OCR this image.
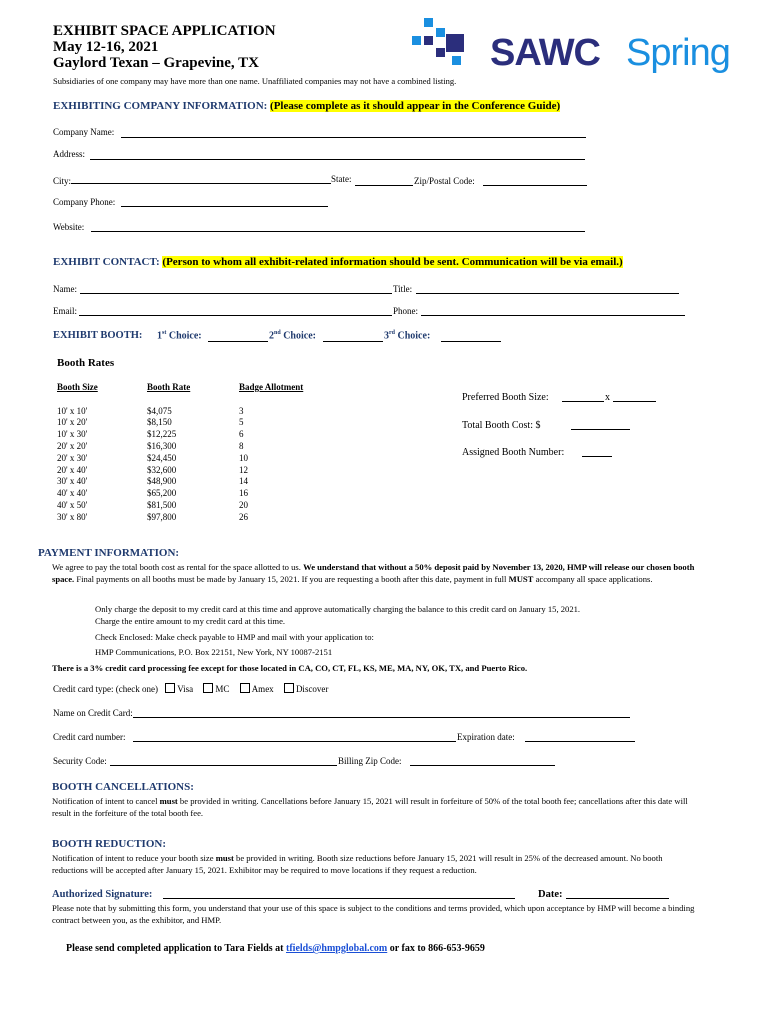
EXHIBIT SPACE APPLICATION
May 12-16, 2021
Gaylord Texan – Grapevine, TX	SAWC Spring
Subsidiaries of one company may have more than one name. Unaffiliated companies may not have a combined listing.
EXHIBITING COMPANY INFORMATION: (Please complete as it should appear in the Conference Guide)
Company Name:
Address:
City:	State:	Zip/Postal Code:
Company Phone:
Website:
EXHIBIT CONTACT: (Person to whom all exhibit-related information should be sent. Communication will be via email.)
Name:	Title:
Email:	Phone:
EXHIBIT BOOTH: 1st Choice:	2nd Choice:	3rd Choice:
Booth Rates
Booth Size	Booth Rate	Badge Allotment

10' x 10'	$4,075	3
10' x 20'	$8,150	5
10' x 30'	$12,225	6
20' x 20'	$16,300	8
20' x 30'	$24,450	10
20' x 40'	$32,600	12
30' x 40'	$48,900	14
40' x 40'	$65,200	16
40' x 50'	$81,500	20
30' x 80'	$97,800	26
Preferred Booth Size:	x
Total Booth Cost: $
Assigned Booth Number:
PAYMENT INFORMATION:
We agree to pay the total booth cost as rental for the space allotted to us. We understand that without a 50% deposit paid by November 13, 2020, HMP will release our chosen booth space. Final payments on all booths must be made by January 15, 2021. If you are requesting a booth after this date, payment in full MUST accompany all space applications.
Only charge the deposit to my credit card at this time and approve automatically charging the balance to this credit card on January 15, 2021.
Charge the entire amount to my credit card at this time.
Check Enclosed: Make check payable to HMP and mail with your application to:
HMP Communications, P.O. Box 22151, New York, NY 10087-2151
There is a 3% credit card processing fee except for those located in CA, CO, CT, FL, KS, ME, MA, NY, OK, TX, and Puerto Rico.
Credit card type: (check one) Visa MC Amex Discover
Name on Credit Card:
Credit card number:	Expiration date:
Security Code:	Billing Zip Code:
BOOTH CANCELLATIONS:
Notification of intent to cancel must be provided in writing. Cancellations before January 15, 2021 will result in forfeiture of 50% of the total booth fee; cancellations after this date will result in the forfeiture of the total booth fee.
BOOTH REDUCTION:
Notification of intent to reduce your booth size must be provided in writing. Booth size reductions before January 15, 2021 will result in 25% of the decreased amount. No booth reductions will be accepted after January 15, 2021. Exhibitor may be required to move locations if they request a reduction.
Authorized Signature:	Date:
Please note that by submitting this form, you understand that your use of this space is subject to the conditions and terms provided, which upon acceptance by HMP will become a binding contract between you, as the exhibitor, and HMP.
Please send completed application to Tara Fields at tfields@hmpglobal.com or fax to 866-653-9659
